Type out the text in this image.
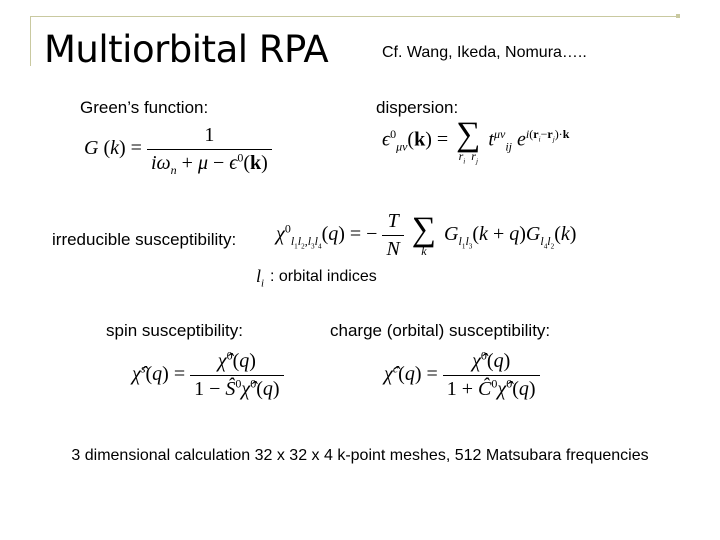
Multiorbital RPA	Cf. Wang, Ikeda, Nomura…..
Green’s function:	dispersion:
G $(k) = \frac{1}{i\omega_n + \mu - \epsilon^0(k)}$	$\epsilon^0_{\mu\nu}(k)$ = ∑
$r_i$  $r_j$
$t^{\mu\nu}_{ij}$ $e^{i(r_i-r_j)\cdot k}$
irreducible susceptibility: $\chi^0_{l_1l_2,l_3l_4}(q)$ = − $\frac{T}{N}$
∑
k
$G_{l_1l_3}(k + q)G_{l_4l_2}(k)$
$l_i$ : orbital indices
spin susceptibility:	charge (orbital) susceptibility:
χ̂$^s$(q) = $\frac{\chî^0(q)}{1 - Ŝ^0\chî^0(q)}$	χ̂$^c$(q) = $\frac{\chî^0(q)}{1 + Ĉ^0\chî^0(q)}$
3 dimensional calculation 32 x 32 x 4 k-point meshes, 512 Matsubara frequencies
